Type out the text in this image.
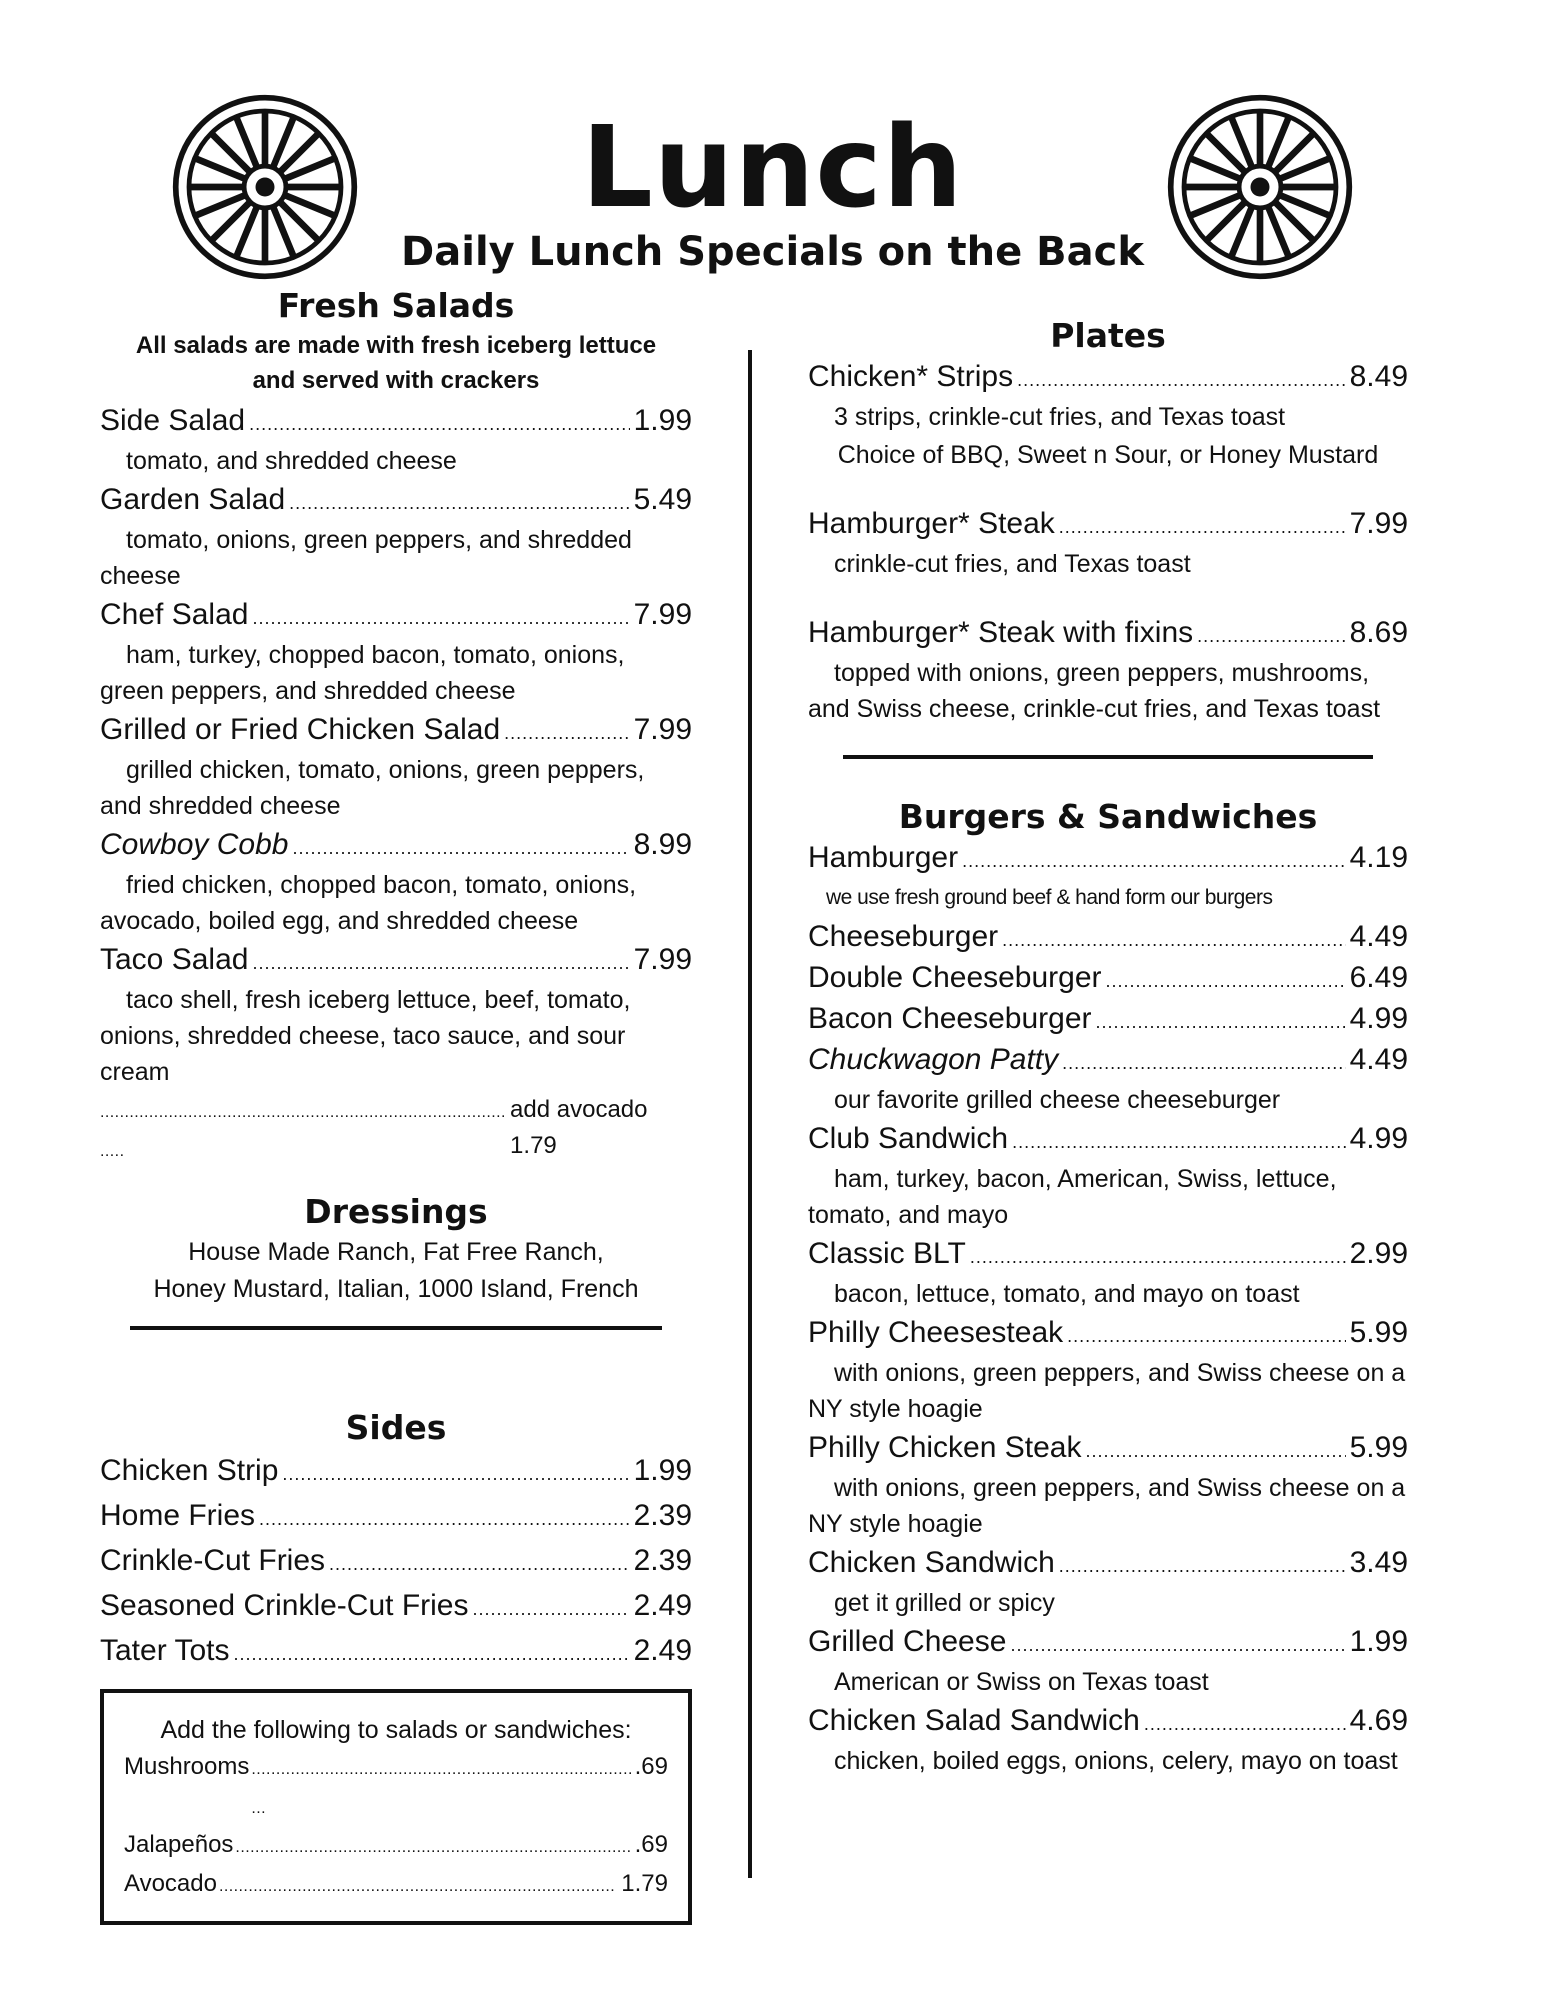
Lunch
Daily Lunch Specials on the Back
Fresh Salads
All salads are made with fresh iceberg lettuce
and served with crackers
Side Salad . . .	1.99
tomato, and shredded cheese
Garden Salad . . .	5.49
tomato, onions, green peppers, and shredded cheese
Chef Salad . . .	7.99
ham, turkey, chopped bacon, tomato, onions, green peppers, and shredded cheese
Grilled or Fried Chicken Salad . . .	7.99
grilled chicken, tomato, onions, green peppers, and shredded cheese
Cowboy Cobb . . .	8.99
fried chicken, chopped bacon, tomato, onions, avocado, boiled egg, and shredded cheese
Taco Salad . . .	7.99
taco shell, fresh iceberg lettuce, beef, tomato, onions, shredded cheese, taco sauce, and sour cream
. . .
add avocado 1.79
Dressings
House Made Ranch, Fat Free Ranch,
Honey Mustard, Italian, 1000 Island, French
Sides
Chicken Strip . . .	1.99
Home Fries . . .	2.39
Crinkle-Cut Fries . . .	2.39
Seasoned Crinkle-Cut Fries . . .	2.49
Tater Tots . . .	2.49
Add the following to salads or sandwiches:
Mushrooms . . .	.69
Jalapeños . . .	.69
Avocado . . .	1.79
Plates
Chicken* Strips . . .	8.49
3 strips, crinkle-cut fries, and Texas toast
Choice of BBQ, Sweet n Sour, or Honey Mustard
Hamburger* Steak . . .	7.99
crinkle-cut fries, and Texas toast
Hamburger* Steak with fixins . . .	8.69
topped with onions, green peppers, mushrooms, and Swiss cheese, crinkle-cut fries, and Texas toast
Burgers & Sandwiches
Hamburger . . .	4.19
we use fresh ground beef & hand form our burgers
Cheeseburger . . .	4.49
Double Cheeseburger . . .	6.49
Bacon Cheeseburger . . .	4.99
Chuckwagon Patty . . .	4.49
our favorite grilled cheese cheeseburger
Club Sandwich . . .	4.99
ham, turkey, bacon, American, Swiss, lettuce, tomato, and mayo
Classic BLT . . .	2.99
bacon, lettuce, tomato, and mayo on toast
Philly Cheesesteak . . .	5.99
with onions, green peppers, and Swiss cheese on a NY style hoagie
Philly Chicken Steak . . .	5.99
with onions, green peppers, and Swiss cheese on a NY style hoagie
Chicken Sandwich . . .	3.49
get it grilled or spicy
Grilled Cheese . . .	1.99
American or Swiss on Texas toast
Chicken Salad Sandwich . . .	4.69
chicken, boiled eggs, onions, celery, mayo on toast
